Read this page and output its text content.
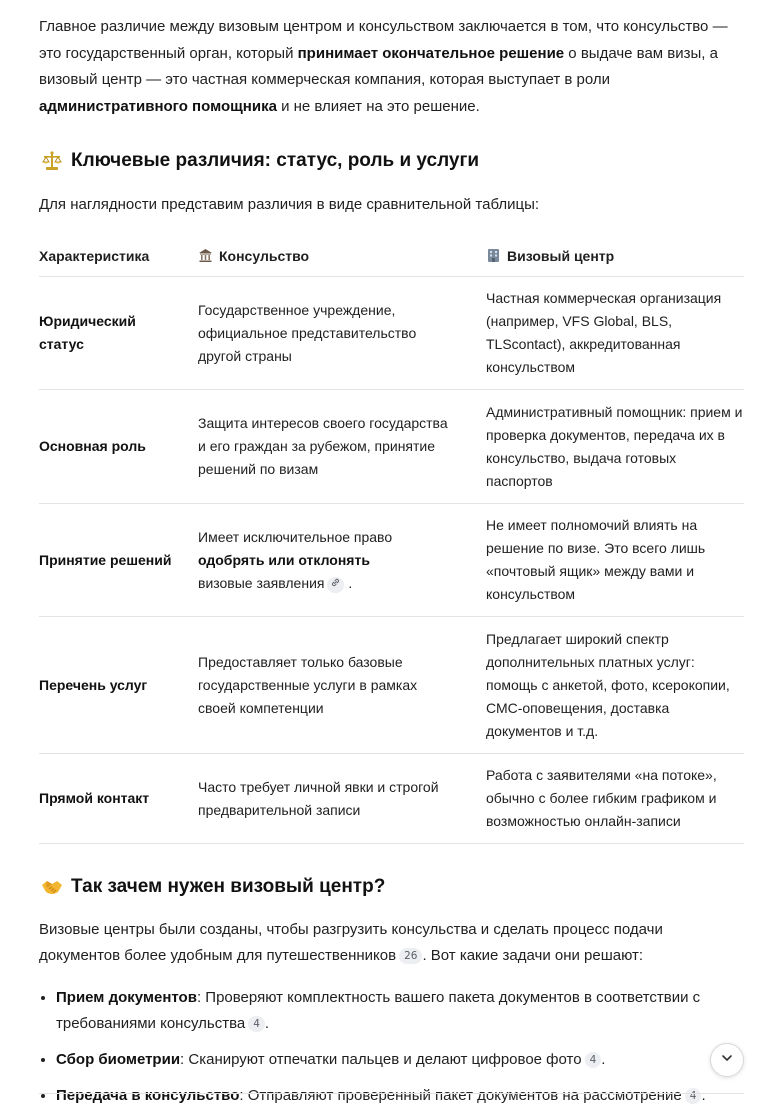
Главное различие между визовым центром и консульством заключается в том, что консульство — это государственный орган, который принимает окончательное решение о выдаче вам визы, а визовый центр — это частная коммерческая компания, которая выступает в роли административного помощника и не влияет на это решение.

Ключевые различия: статус, роль и услуги

Для наглядности представим различия в виде сравнительной таблицы:

Характеристика	Консульство	Визовый центр
Юридический статус	Государственное учреждение, официальное представительство другой страны	Частная коммерческая организация (например, VFS Global, BLS, TLScontact), аккредитованная консульством
Основная роль	Защита интересов своего государства и его граждан за рубежом, принятие решений по визам	Административный помощник: прием и проверка документов, передача их в консульство, выдача готовых паспортов
Принятие решений	Имеет исключительное право одобрять или отклонять визовые заявления .	Не имеет полномочий влиять на решение по визе. Это всего лишь «почтовый ящик» между вами и консульством
Перечень услуг	Предоставляет только базовые государственные услуги в рамках своей компетенции	Предлагает широкий спектр дополнительных платных услуг: помощь с анкетой, фото, ксерокопии, СМС-оповещения, доставка документов и т.д.
Прямой контакт	Часто требует личной явки и строгой предварительной записи	Работа с заявителями «на потоке», обычно с более гибким графиком и возможностью онлайн-записи
Так зачем нужен визовый центр?

Визовые центры были созданы, чтобы разгрузить консульства и сделать процесс подачи документов более удобным для путешественников 26 . Вот какие задачи они решают:

• Прием документов: Проверяют комплектность вашего пакета документов в соответствии с требованиями консульства 4 .
• Сбор биометрии: Сканируют отпечатки пальцев и делают цифровое фото 4 .
• Передача в консульство: Отправляют проверенный пакет документов на рассмотрение 4 .
